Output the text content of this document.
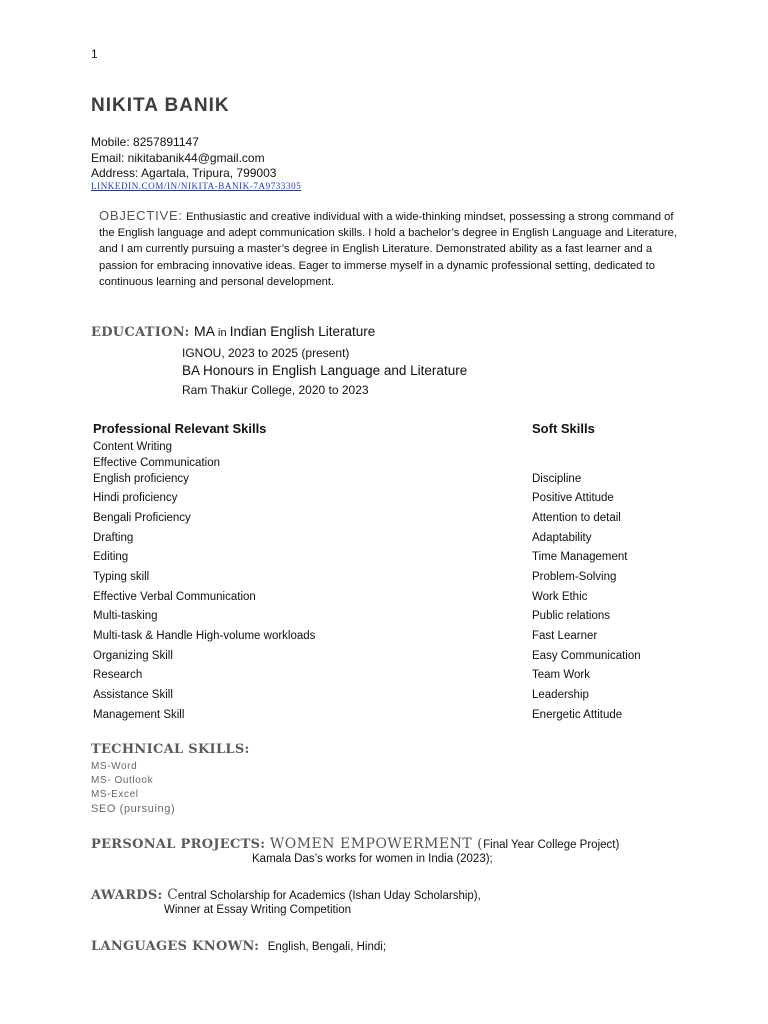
1
NIKITA BANIK
Mobile: 8257891147
Email: nikitabanik44@gmail.com
Address: Agartala, Tripura, 799003
LINKEDIN.COM/IN/NIKITA-BANIK-7A9733305
OBJECTIVE: Enthusiastic and creative individual with a wide-thinking mindset, possessing a strong command of the English language and adept communication skills. I hold a bachelor’s degree in English Language and Literature, and I am currently pursuing a master’s degree in English Literature. Demonstrated ability as a fast learner and a passion for embracing innovative ideas. Eager to immerse myself in a dynamic professional setting, dedicated to continuous learning and personal development.
EDUCATION: MA in Indian English Literature
IGNOU, 2023 to 2025 (present)
BA Honours in English Language and Literature
Ram Thakur College, 2020 to 2023
Professional Relevant Skills	Soft Skills
Content Writing
Effective Communication
English proficiency
Hindi proficiency
Bengali Proficiency
Drafting
Editing
Typing skill
Effective Verbal Communication
Multi-tasking
Multi-task & Handle High-volume workloads
Organizing Skill
Research
Assistance Skill
Management Skill
Discipline
Positive Attitude
Attention to detail
Adaptability
Time Management
Problem-Solving
Work Ethic
Public relations
Fast Learner
Easy Communication
Team Work
Leadership
Energetic Attitude
TECHNICAL SKILLS:
MS-Word
MS- Outlook
MS-Excel
SEO (pursuing)
PERSONAL PROJECTS: WOMEN EMPOWERMENT (Final Year College Project)
Kamala Das’s works for women in India (2023);
AWARDS: Central Scholarship for Academics (Ishan Uday Scholarship),
Winner at Essay Writing Competition
LANGUAGES KNOWN: English, Bengali, Hindi;
